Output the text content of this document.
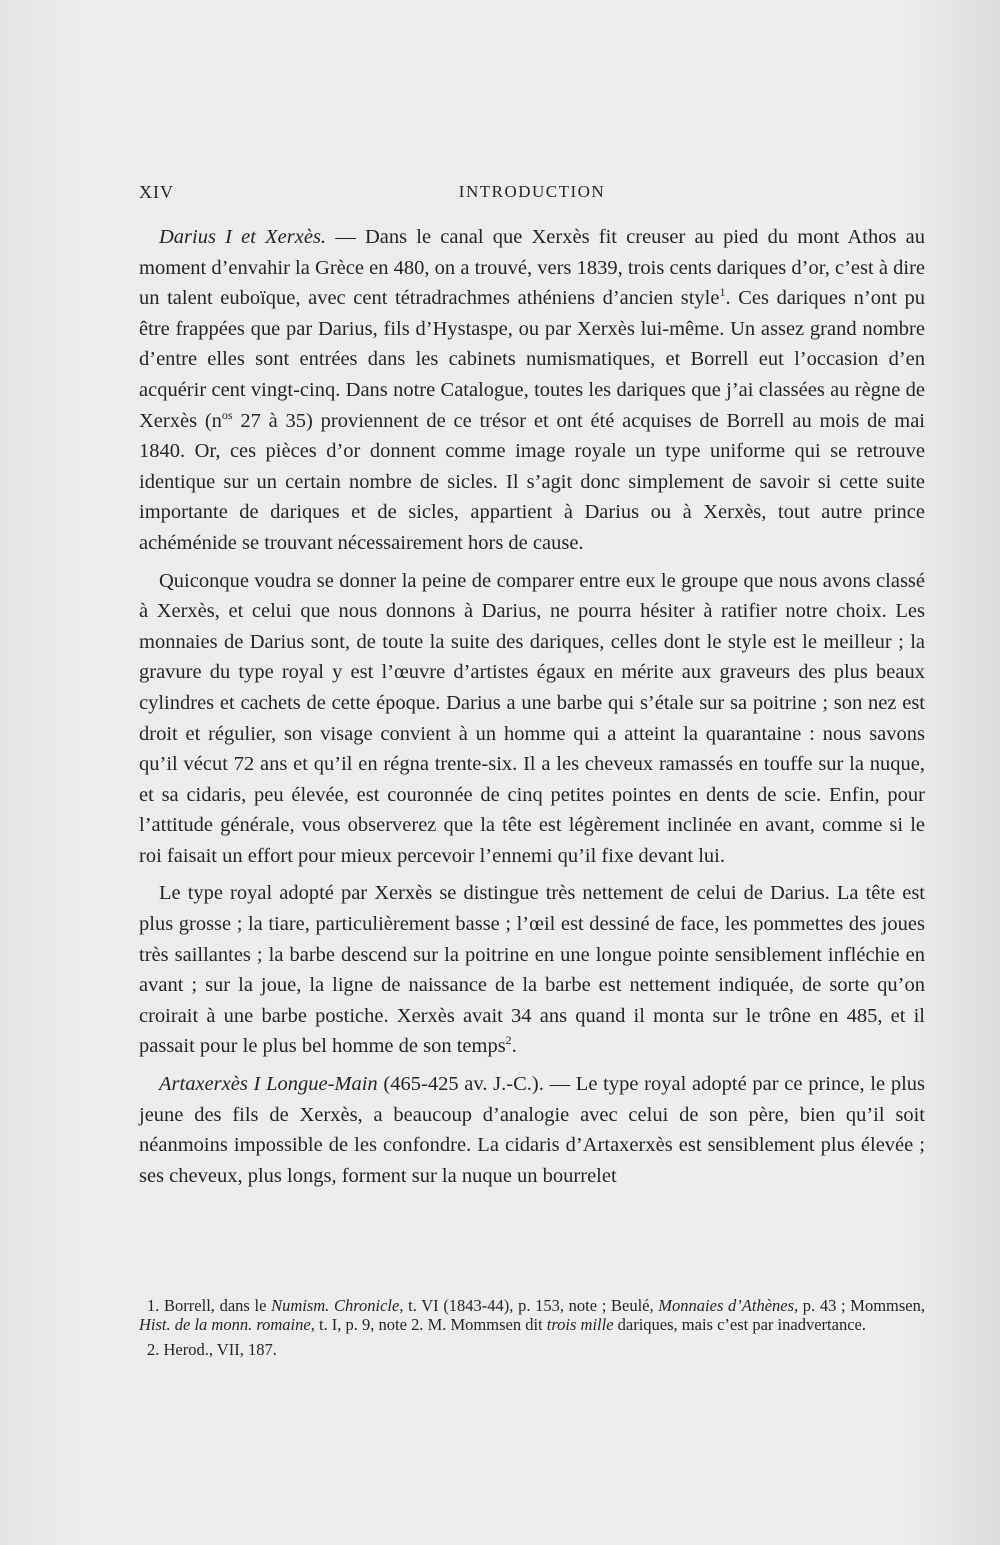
XIV	INTRODUCTION

Darius I et Xerxès. — Dans le canal que Xerxès fit creuser au pied du mont Athos au moment d’envahir la Grèce en 480, on a trouvé, vers 1839, trois cents dariques d’or, c’est à dire un talent euboïque, avec cent tétradrachmes athéniens d’ancien style$^1$. Ces dariques n’ont pu être frappées que par Darius, fils d’Hystaspe, ou par Xerxès lui-même. Un assez grand nombre d’entre elles sont entrées dans les cabinets numismatiques, et Borrell eut l’occasion d’en acquérir cent vingt-cinq. Dans notre Catalogue, toutes les dariques que j’ai classées au règne de Xerxès ($n^{os}$ 27 à 35) proviennent de ce trésor et ont été acquises de Borrell au mois de mai 1840. Or, ces pièces d’or donnent comme image royale un type uniforme qui se retrouve identique sur un certain nombre de sicles. Il s’agit donc simplement de savoir si cette suite importante de dariques et de sicles, appartient à Darius ou à Xerxès, tout autre prince achéménide se trouvant nécessairement hors de cause.

Quiconque voudra se donner la peine de comparer entre eux le groupe que nous avons classé à Xerxès, et celui que nous donnons à Darius, ne pourra hésiter à ratifier notre choix. Les monnaies de Darius sont, de toute la suite des dariques, celles dont le style est le meilleur ; la gravure du type royal y est l’œuvre d’artistes égaux en mérite aux graveurs des plus beaux cylindres et cachets de cette époque. Darius a une barbe qui s’étale sur sa poitrine ; son nez est droit et régulier, son visage convient à un homme qui a atteint la quarantaine : nous savons qu’il vécut 72 ans et qu’il en régna trente-six. Il a les cheveux ramassés en touffe sur la nuque, et sa cidaris, peu élevée, est couronnée de cinq petites pointes en dents de scie. Enfin, pour l’attitude générale, vous observerez que la tête est légèrement inclinée en avant, comme si le roi faisait un effort pour mieux percevoir l’ennemi qu’il fixe devant lui.

Le type royal adopté par Xerxès se distingue très nettement de celui de Darius. La tête est plus grosse ; la tiare, particulièrement basse ; l’œil est dessiné de face, les pommettes des joues très saillantes ; la barbe descend sur la poitrine en une longue pointe sensiblement infléchie en avant ; sur la joue, la ligne de naissance de la barbe est nettement indiquée, de sorte qu’on croirait à une barbe postiche. Xerxès avait 34 ans quand il monta sur le trône en 485, et il passait pour le plus bel homme de son temps$^2$.

Artaxerxès I Longue-Main (465-425 av. J.-C.). — Le type royal adopté par ce prince, le plus jeune des fils de Xerxès, a beaucoup d’analogie avec celui de son père, bien qu’il soit néanmoins impossible de les confondre. La cidaris d’Artaxerxès est sensiblement plus élevée ; ses cheveux, plus longs, forment sur la nuque un bourrelet

1. Borrell, dans le Numism. Chronicle, t. VI (1843-44), p. 153, note ; Beulé, Monnaies d’Athènes, p. 43 ; Mommsen, Hist. de la monn. romaine, t. I, p. 9, note 2. M. Mommsen dit trois mille dariques, mais c’est par inadvertance.

2. Herod., VII, 187.
